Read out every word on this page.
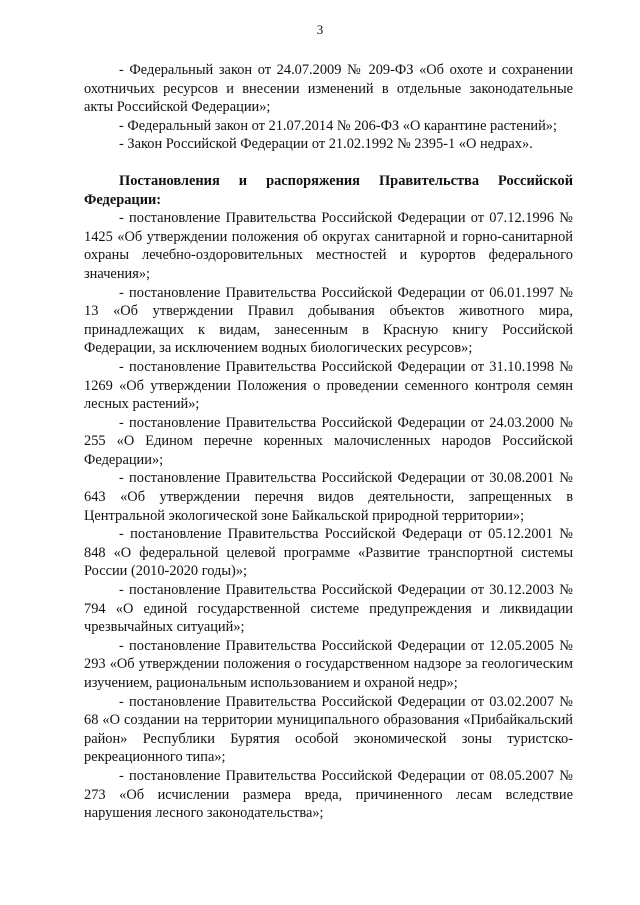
3

- Федеральный закон от 24.07.2009 № 209-ФЗ «Об охоте и сохранении охотничьих ресурсов и внесении изменений в отдельные законодательные акты Российской Федерации»;

- Федеральный закон от 21.07.2014 № 206-ФЗ «О карантине растений»;

- Закон Российской Федерации от 21.02.1992 № 2395-1 «О недрах».

Постановления и распоряжения Правительства Российской Федерации:

- постановление Правительства Российской Федерации от 07.12.1996 № 1425 «Об утверждении положения об округах санитарной и горно-санитарной охраны лечебно-оздоровительных местностей и курортов федерального значения»;

- постановление Правительства Российской Федерации от 06.01.1997 № 13 «Об утверждении Правил добывания объектов животного мира, принадлежащих к видам, занесенным в Красную книгу Российской Федерации, за исключением водных биологических ресурсов»;

- постановление Правительства Российской Федерации от 31.10.1998 № 1269 «Об утверждении Положения о проведении семенного контроля семян лесных растений»;

- постановление Правительства Российской Федерации от 24.03.2000 № 255 «О Едином перечне коренных малочисленных народов Российской Федерации»;

- постановление Правительства Российской Федерации от 30.08.2001 № 643 «Об утверждении перечня видов деятельности, запрещенных в Центральной экологической зоне Байкальской природной территории»;

- постановление Правительства Российской Федераци от 05.12.2001 № 848 «О федеральной целевой программе «Развитие транспортной системы России (2010-2020 годы)»;

- постановление Правительства Российской Федерации от 30.12.2003 № 794 «О единой государственной системе предупреждения и ликвидации чрезвычайных ситуаций»;

- постановление Правительства Российской Федерации от 12.05.2005 № 293 «Об утверждении положения о государственном надзоре за геологическим изучением, рациональным использованием и охраной недр»;

- постановление Правительства Российской Федерации от 03.02.2007 № 68 «О создании на территории муниципального образования «Прибайкальский район» Республики Бурятия особой экономической зоны туристско-рекреационного типа»;

- постановление Правительства Российской Федерации от 08.05.2007 № 273 «Об исчислении размера вреда, причиненного лесам вследствие нарушения лесного законодательства»;
